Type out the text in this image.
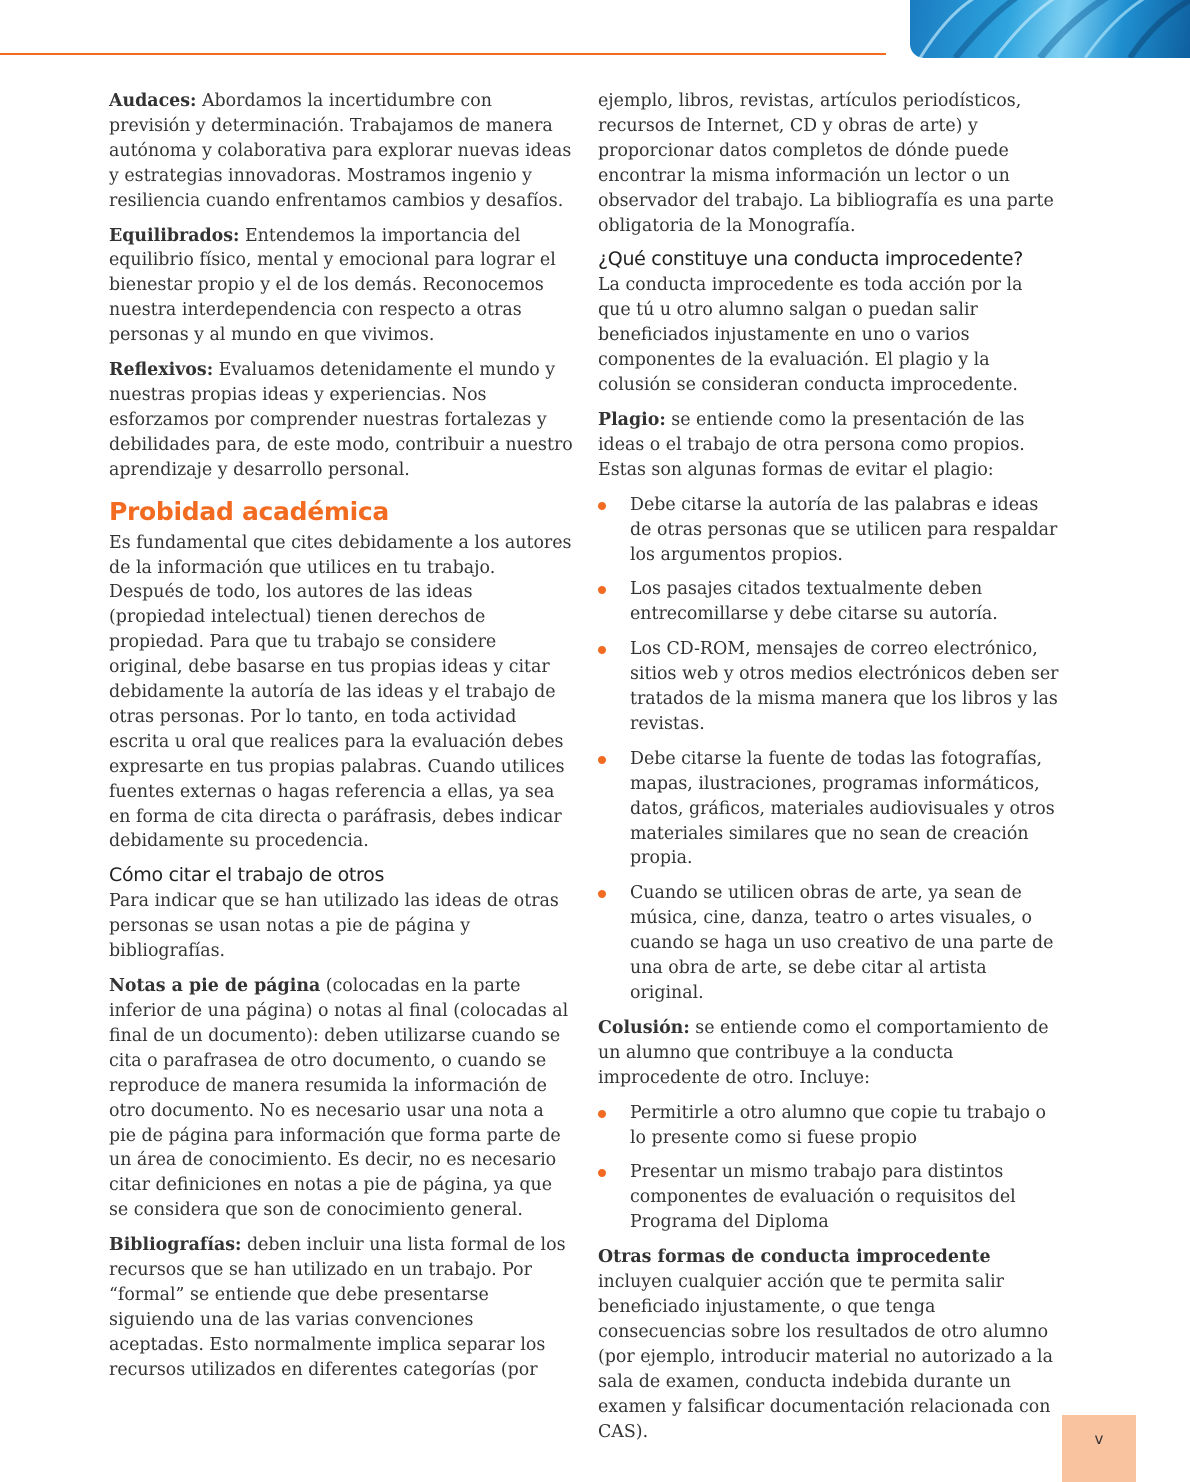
Audaces: Abordamos la incertidumbre con previsión y determinación. Trabajamos de manera autónoma y colaborativa para explorar nuevas ideas y estrategias innovadoras. Mostramos ingenio y resiliencia cuando enfrentamos cambios y desafíos.

Equilibrados: Entendemos la importancia del equilibrio físico, mental y emocional para lograr el bienestar propio y el de los demás. Reconocemos nuestra interdependencia con respecto a otras personas y al mundo en que vivimos.

Reflexivos: Evaluamos detenidamente el mundo y nuestras propias ideas y experiencias. Nos esforzamos por comprender nuestras fortalezas y debilidades para, de este modo, contribuir a nuestro aprendizaje y desarrollo personal.

Probidad académica

Es fundamental que cites debidamente a los autores de la información que utilices en tu trabajo. Después de todo, los autores de las ideas (propiedad intelectual) tienen derechos de propiedad. Para que tu trabajo se considere original, debe basarse en tus propias ideas y citar debidamente la autoría de las ideas y el trabajo de otras personas. Por lo tanto, en toda actividad escrita u oral que realices para la evaluación debes expresarte en tus propias palabras. Cuando utilices fuentes externas o hagas referencia a ellas, ya sea en forma de cita directa o paráfrasis, debes indicar debidamente su procedencia.

Cómo citar el trabajo de otros

Para indicar que se han utilizado las ideas de otras personas se usan notas a pie de página y bibliografías.

Notas a pie de página (colocadas en la parte inferior de una página) o notas al final (colocadas al final de un documento): deben utilizarse cuando se cita o parafrasea de otro documento, o cuando se reproduce de manera resumida la información de otro documento. No es necesario usar una nota a pie de página para información que forma parte de un área de conocimiento. Es decir, no es necesario citar definiciones en notas a pie de página, ya que se considera que son de conocimiento general.

Bibliografías: deben incluir una lista formal de los recursos que se han utilizado en un trabajo. Por “formal” se entiende que debe presentarse siguiendo una de las varias convenciones aceptadas. Esto normalmente implica separar los recursos utilizados en diferentes categorías (por

ejemplo, libros, revistas, artículos periodísticos, recursos de Internet, CD y obras de arte) y proporcionar datos completos de dónde puede encontrar la misma información un lector o un observador del trabajo. La bibliografía es una parte obligatoria de la Monografía.

¿Qué constituye una conducta improcedente?

La conducta improcedente es toda acción por la que tú u otro alumno salgan o puedan salir beneficiados injustamente en uno o varios componentes de la evaluación. El plagio y la colusión se consideran conducta improcedente.

Plagio: se entiende como la presentación de las ideas o el trabajo de otra persona como propios. Estas son algunas formas de evitar el plagio:

Debe citarse la autoría de las palabras e ideas de otras personas que se utilicen para respaldar los argumentos propios.
Los pasajes citados textualmente deben entrecomillarse y debe citarse su autoría.
Los CD-ROM, mensajes de correo electrónico, sitios web y otros medios electrónicos deben ser tratados de la misma manera que los libros y las revistas.
Debe citarse la fuente de todas las fotografías, mapas, ilustraciones, programas informáticos, datos, gráficos, materiales audiovisuales y otros materiales similares que no sean de creación propia.
Cuando se utilicen obras de arte, ya sean de música, cine, danza, teatro o artes visuales, o cuando se haga un uso creativo de una parte de una obra de arte, se debe citar al artista original.

Colusión: se entiende como el comportamiento de un alumno que contribuye a la conducta improcedente de otro. Incluye:

Permitirle a otro alumno que copie tu trabajo o lo presente como si fuese propio
Presentar un mismo trabajo para distintos componentes de evaluación o requisitos del Programa del Diploma

Otras formas de conducta improcedente incluyen cualquier acción que te permita salir beneficiado injustamente, o que tenga consecuencias sobre los resultados de otro alumno (por ejemplo, introducir material no autorizado a la sala de examen, conducta indebida durante un examen y falsificar documentación relacionada con CAS).	v
